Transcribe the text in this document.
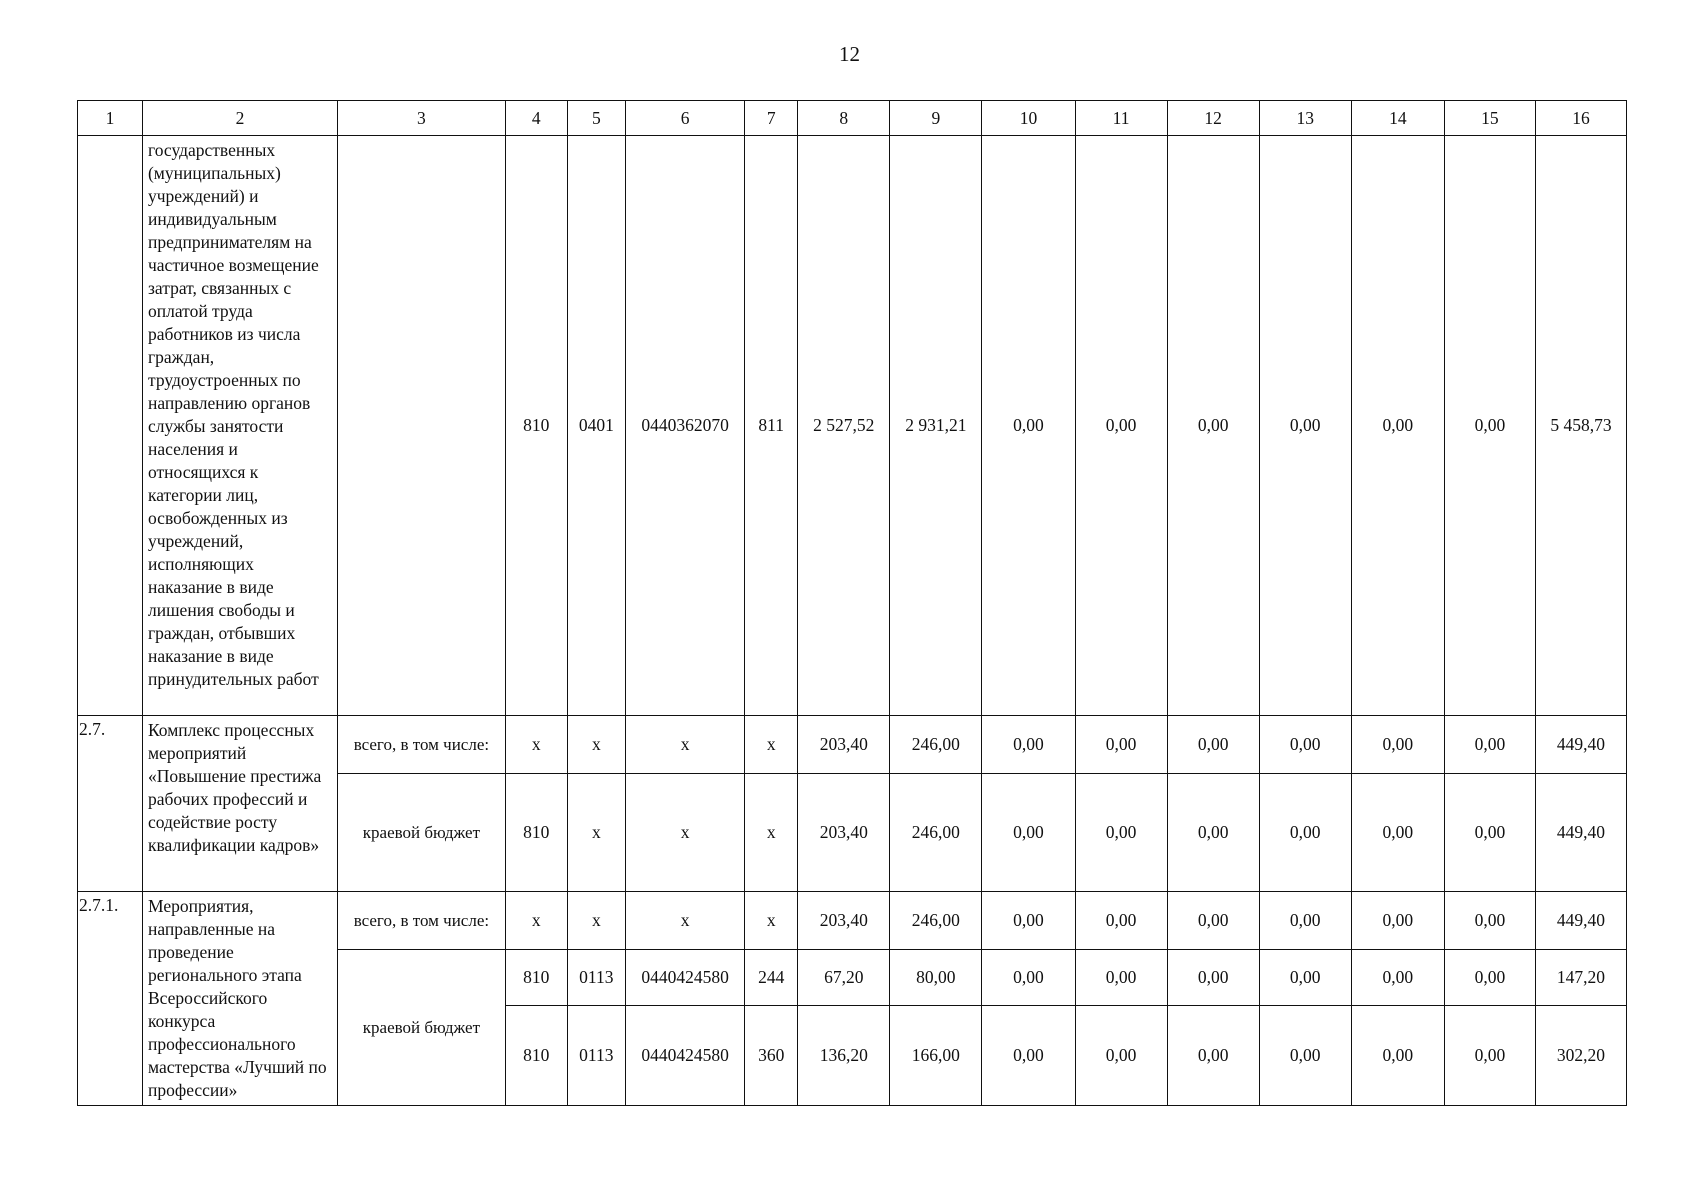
12
1	2	3	4	5	6	7	8	9	10	11	12	13	14	15	16
	государственных (муниципальных) учреждений) и индивидуальным предпринимателям на частичное возмещение затрат, связанных с оплатой труда работников из числа граждан, трудоустроенных по направлению органов службы занятости населения и относящихся к категории лиц, освобожденных из учреждений, исполняющих наказание в виде лишения свободы и граждан, отбывших наказание в виде принудительных работ		810	0401	0440362070	811	2 527,52	2 931,21	0,00	0,00	0,00	0,00	0,00	0,00	5 458,73
2.7.	Комплекс процессных мероприятий «Повышение престижа рабочих профессий и содействие росту квалификации кадров»	всего, в том числе:	х	х	х	х	203,40	246,00	0,00	0,00	0,00	0,00	0,00	0,00	449,40
		краевой бюджет	810	х	х	х	203,40	246,00	0,00	0,00	0,00	0,00	0,00	0,00	449,40
2.7.1.	Мероприятия, направленные на проведение регионального этапа Всероссийского конкурса профессионального мастерства «Лучший по профессии»	всего, в том числе:	х	х	х	х	203,40	246,00	0,00	0,00	0,00	0,00	0,00	0,00	449,40
		краевой бюджет	810	0113	0440424580	244	67,20	80,00	0,00	0,00	0,00	0,00	0,00	0,00	147,20
			810	0113	0440424580	360	136,20	166,00	0,00	0,00	0,00	0,00	0,00	0,00	302,20
